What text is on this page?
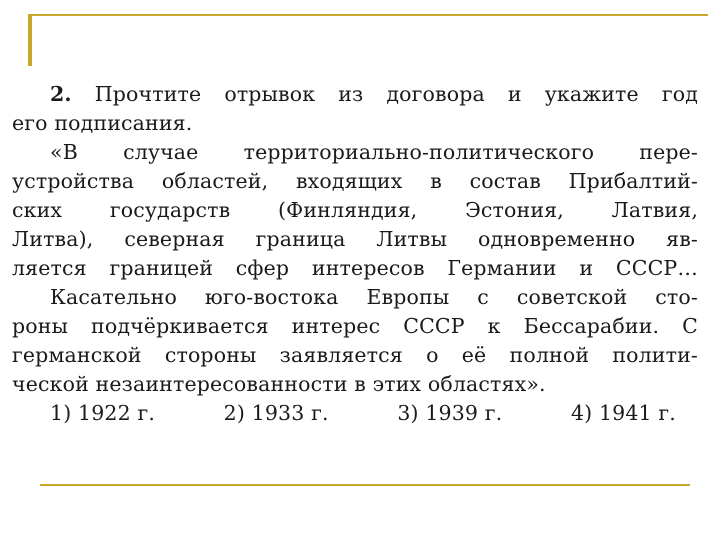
2. Прочтите отрывок из договора и укажите год
его подписания.
«В случае территориально-политического пере-
устройства областей, входящих в состав Прибалтий-
ских государств (Финляндия, Эстония, Латвия,
Литва), северная граница Литвы одновременно яв-
ляется границей сфер интересов Германии и СССР…
Касательно юго-востока Европы с советской сто-
роны подчёркивается интерес СССР к Бессарабии. С
германской стороны заявляется о её полной полити-
ческой незаинтересованности в этих областях».
1) 1922 г.	2) 1933 г.	3) 1939 г.	4) 1941 г.
